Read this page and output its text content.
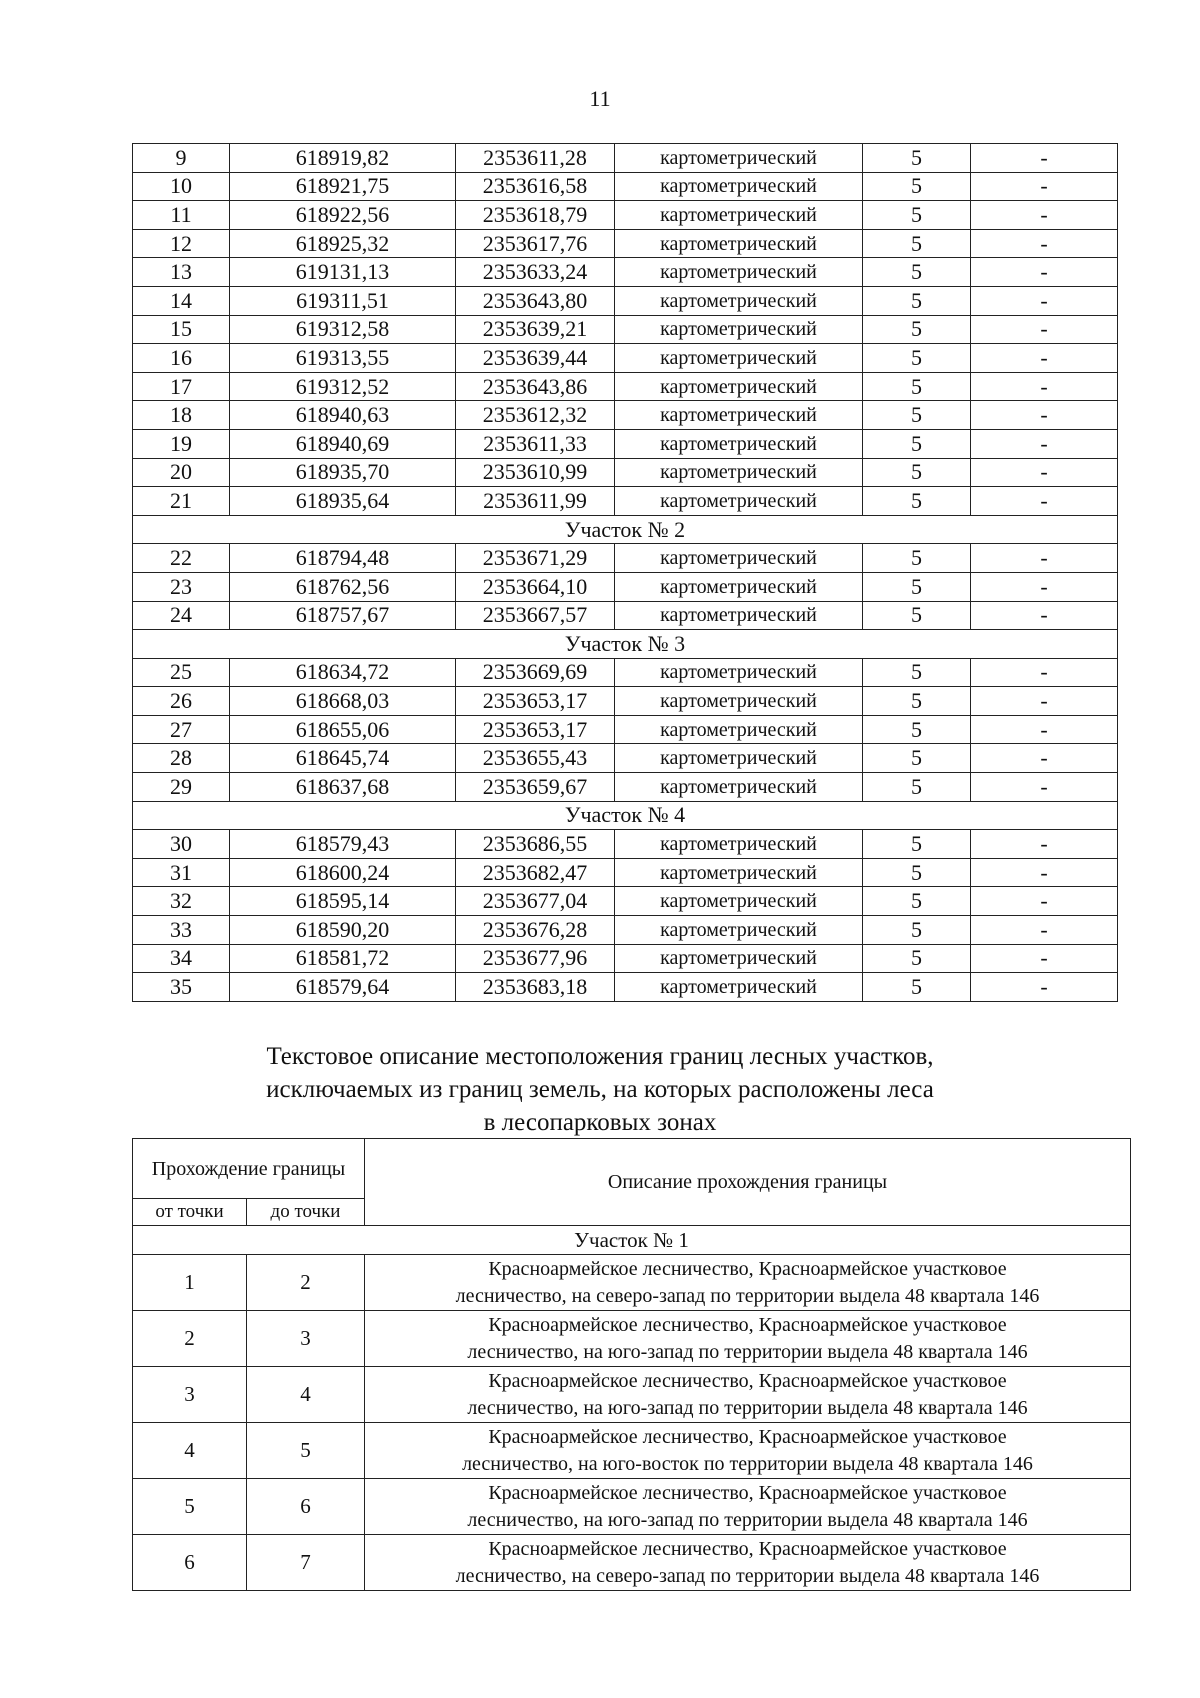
11
9	618919,82	2353611,28	картометрический	5	-
10	618921,75	2353616,58	картометрический	5	-
11	618922,56	2353618,79	картометрический	5	-
12	618925,32	2353617,76	картометрический	5	-
13	619131,13	2353633,24	картометрический	5	-
14	619311,51	2353643,80	картометрический	5	-
15	619312,58	2353639,21	картометрический	5	-
16	619313,55	2353639,44	картометрический	5	-
17	619312,52	2353643,86	картометрический	5	-
18	618940,63	2353612,32	картометрический	5	-
19	618940,69	2353611,33	картометрический	5	-
20	618935,70	2353610,99	картометрический	5	-
21	618935,64	2353611,99	картометрический	5	-
Участок № 2					
22	618794,48	2353671,29	картометрический	5	-
23	618762,56	2353664,10	картометрический	5	-
24	618757,67	2353667,57	картометрический	5	-
Участок № 3					
25	618634,72	2353669,69	картометрический	5	-
26	618668,03	2353653,17	картометрический	5	-
27	618655,06	2353653,17	картометрический	5	-
28	618645,74	2353655,43	картометрический	5	-
29	618637,68	2353659,67	картометрический	5	-
Участок № 4					
30	618579,43	2353686,55	картометрический	5	-
31	618600,24	2353682,47	картометрический	5	-
32	618595,14	2353677,04	картометрический	5	-
33	618590,20	2353676,28	картометрический	5	-
34	618581,72	2353677,96	картометрический	5	-
35	618579,64	2353683,18	картометрический	5	-
Текстовое описание местоположения границ лесных участков,
исключаемых из границ земель, на которых расположены леса
в лесопарковых зонах
Прохождение границы		Описание прохождения границы
от точки	до точки	
Участок № 1		
1	2	Красноармейское лесничество, Красноармейское участковое
лесничество, на северо-запад по территории выдела 48 квартала 146

2	3	Красноармейское лесничество, Красноармейское участковое
лесничество, на юго-запад по территории выдела 48 квартала 146

3	4	Красноармейское лесничество, Красноармейское участковое
лесничество, на юго-запад по территории выдела 48 квартала 146

4	5	Красноармейское лесничество, Красноармейское участковое
лесничество, на юго-восток по территории выдела 48 квартала 146

5	6	Красноармейское лесничество, Красноармейское участковое
лесничество, на юго-запад по территории выдела 48 квартала 146

6	7	Красноармейское лесничество, Красноармейское участковое
лесничество, на северо-запад по территории выдела 48 квартала 146
